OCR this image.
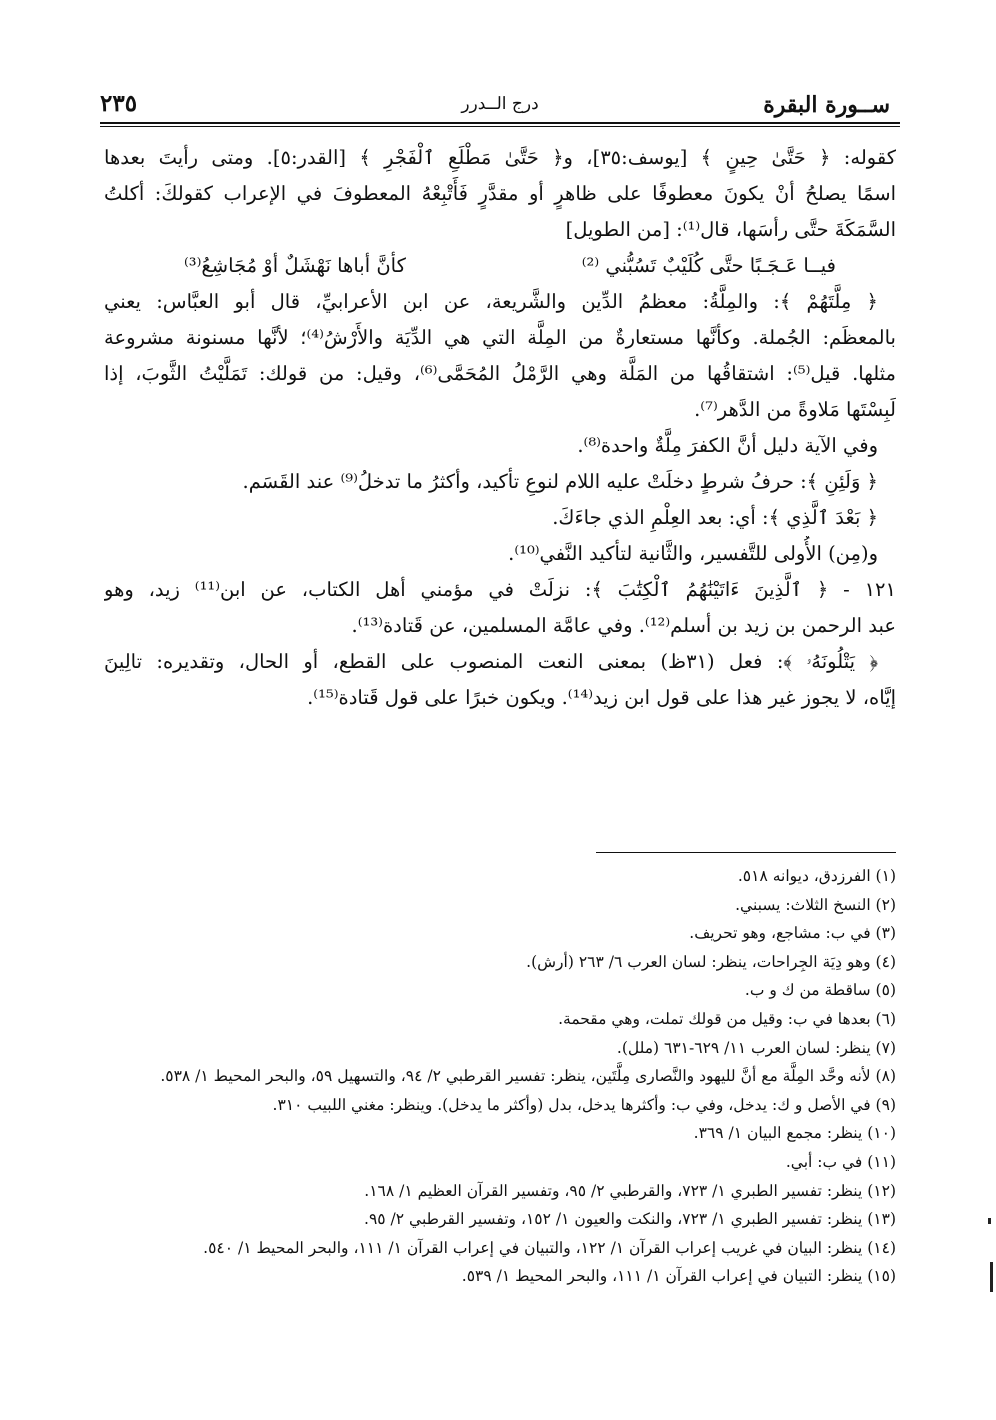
ســورة البقرة
درج الــدرر
٢٣٥
كقوله: ﴿ حَتَّىٰ حِينٍ ﴾ [يوسف:٣٥]، و﴿ حَتَّىٰ مَطْلَعِ ٱلْفَجْرِ ﴾ [القدر:٥]. ومتى رأيتَ بعدها
اسمًا يصلحُ أنْ يكونَ معطوفًا على ظاهرٍ أو مقدَّرٍ فَأَتْبِعْهُ المعطوفَ في الإعراب كقولكَ: أكلتُ
السَّمَكَةَ حتَّى رأسَها، قال⁽¹⁾: [من الطويل]
فيــا عَـجَـبًا حتَّى كُلَيْبٌ تَسُبُّني ⁽²⁾
كأنَّ أباها نَهْشَلٌ أوْ مُجَاشِعُ⁽³⁾
﴿ مِلَّتَهُمْ ﴾: والمِلَّةُ: معظمُ الدِّين والشَّريعة، عن ابن الأعرابيِّ، قال أبو العبَّاس: يعني
بالمعظَم: الجُملة. وكأنَّها مستعارةٌ من المِلَّة التي هي الدِّيَة والأَرْشُ⁽⁴⁾؛ لأنَّها مسنونة مشروعة
مثلها. قيل⁽⁵⁾: اشتقاقُها من المَلَّة وهي الرَّمْلُ المُحَمَّى⁽⁶⁾، وقيل: من قولك: تَمَلَّيْتُ الثَّوبَ، إذا
لَبِسْتَها مَلاوةً من الدَّهر⁽⁷⁾.
وفي الآية دليل أنَّ الكفرَ مِلَّةٌ واحدة⁽⁸⁾.
﴿ وَلَئِنِ ﴾: حرفُ شرطٍ دخلَتْ عليه اللام لنوعِ تأكيد، وأكثرُ ما تدخلُ⁽⁹⁾ عند القَسَم.
﴿ بَعْدَ ٱلَّذِي ﴾: أي: بعد العِلْمِ الذي جاءَكَ.
و(مِن) الأُولى للتَّفسير، والثَّانية لتأكيد النَّفي⁽¹⁰⁾.
١٢١ - ﴿ ٱلَّذِينَ ءَاتَيْنَٰهُمُ ٱلْكِتَٰبَ ﴾: نزلَتْ في مؤمني أهل الكتاب، عن ابن⁽¹¹⁾ زيد، وهو
عبد الرحمن بن زيد بن أسلم⁽¹²⁾. وفي عامَّة المسلمين، عن قَتادة⁽¹³⁾.
﴿ يَتْلُونَهُۥ ﴾: فعل (٣١ظ) بمعنى النعت المنصوب على القطع، أو الحال، وتقديره: تالِينَ
إيَّاه، لا يجوز غير هذا على قول ابن زيد⁽¹⁴⁾. ويكون خبرًا على قول قَتادة⁽¹⁵⁾.
(١) الفرزدق، ديوانه ٥١٨.
(٢) النسخ الثلاث: يسبني.
(٣) في ب: مشاجع، وهو تحريف.
(٤) وهو دِيَة الجِراحات، ينظر: لسان العرب ٦/ ٢٦٣ (أرش).
(٥) ساقطة من ك و ب.
(٦) بعدها في ب: وقيل من قولك تملت، وهي مقحمة.
(٧) ينظر: لسان العرب ١١/ ٦٢٩-٦٣١ (ملل).
(٨) لأنه وحَّد المِلَّة مع أنَّ لليهود والنَّصارى مِلَّتَين، ينظر: تفسير القرطبي ٢/ ٩٤، والتسهيل ٥٩، والبحر المحيط ١/ ٥٣٨.
(٩) في الأصل و ك: يدخل، وفي ب: وأكثرها يدخل، بدل (وأكثر ما يدخل). وينظر: مغني اللبيب ٣١٠.
(١٠) ينظر: مجمع البيان ١/ ٣٦٩.
(١١) في ب: أبي.
(١٢) ينظر: تفسير الطبري ١/ ٧٢٣، والقرطبي ٢/ ٩٥، وتفسير القرآن العظيم ١/ ١٦٨.
(١٣) ينظر: تفسير الطبري ١/ ٧٢٣، والنكت والعيون ١/ ١٥٢، وتفسير القرطبي ٢/ ٩٥.
(١٤) ينظر: البيان في غريب إعراب القرآن ١/ ١٢٢، والتبيان في إعراب القرآن ١/ ١١١، والبحر المحيط ١/ ٥٤٠.
(١٥) ينظر: التبيان في إعراب القرآن ١/ ١١١، والبحر المحيط ١/ ٥٣٩.
